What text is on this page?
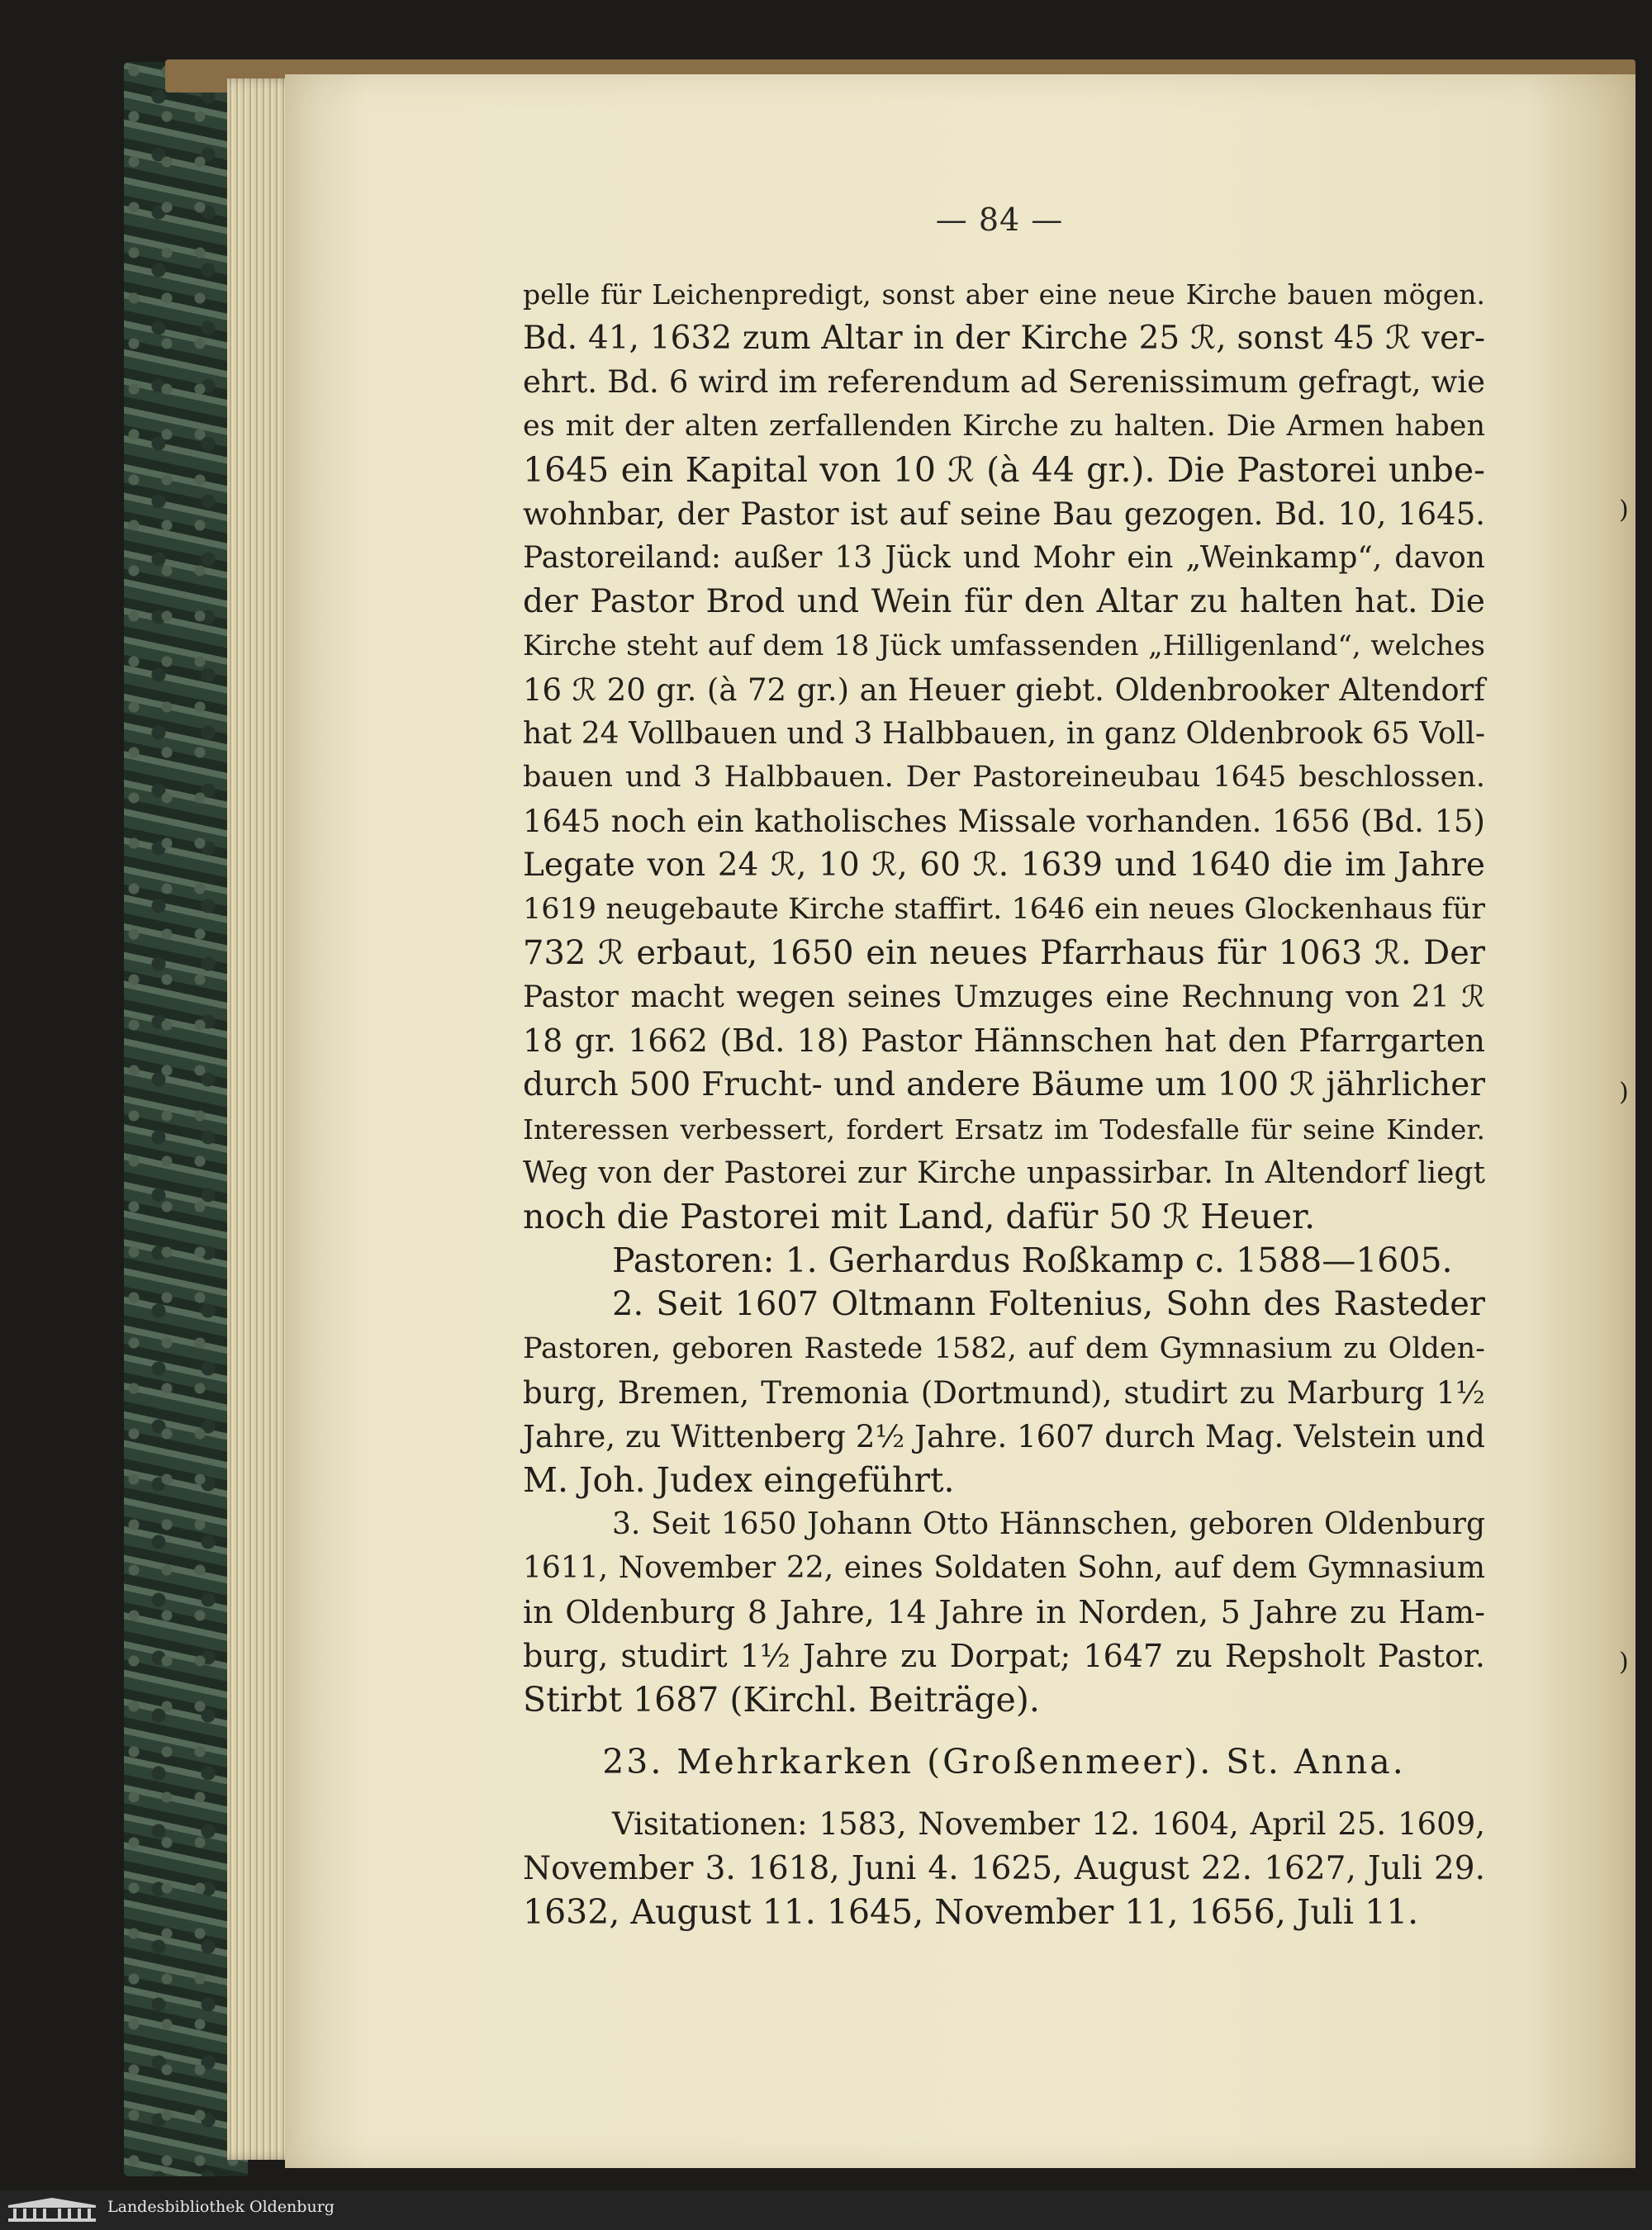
— 84 —
pelle für Leichenpredigt, sonst aber eine neue Kirche bauen mögen.
Bd. 41, 1632 zum Altar in der Kirche 25 ℛ, sonst 45 ℛ ver-
ehrt. Bd. 6 wird im referendum ad Serenissimum gefragt, wie
es mit der alten zerfallenden Kirche zu halten. Die Armen haben
1645 ein Kapital von 10 ℛ (à 44 gr.). Die Pastorei unbe-
wohnbar, der Pastor ist auf seine Bau gezogen. Bd. 10, 1645.
Pastoreiland: außer 13 Jück und Mohr ein „Weinkamp“, davon
der Pastor Brod und Wein für den Altar zu halten hat. Die
Kirche steht auf dem 18 Jück umfassenden „Hilligenland“, welches
16 ℛ 20 gr. (à 72 gr.) an Heuer giebt. Oldenbrooker Altendorf
hat 24 Vollbauen und 3 Halbbauen, in ganz Oldenbrook 65 Voll-
bauen und 3 Halbbauen. Der Pastoreineubau 1645 beschlossen.
1645 noch ein katholisches Missale vorhanden. 1656 (Bd. 15)
Legate von 24 ℛ, 10 ℛ, 60 ℛ. 1639 und 1640 die im Jahre
1619 neugebaute Kirche staffirt. 1646 ein neues Glockenhaus für
732 ℛ erbaut, 1650 ein neues Pfarrhaus für 1063 ℛ. Der
Pastor macht wegen seines Umzuges eine Rechnung von 21 ℛ
18 gr. 1662 (Bd. 18) Pastor Hännschen hat den Pfarrgarten
durch 500 Frucht- und andere Bäume um 100 ℛ jährlicher
Interessen verbessert, fordert Ersatz im Todesfalle für seine Kinder.
Weg von der Pastorei zur Kirche unpassirbar. In Altendorf liegt
noch die Pastorei mit Land, dafür 50 ℛ Heuer.
Pastoren: 1. Gerhardus Roßkamp c. 1588—1605.
2. Seit 1607 Oltmann Foltenius, Sohn des Rasteder
Pastoren, geboren Rastede 1582, auf dem Gymnasium zu Olden-
burg, Bremen, Tremonia (Dortmund), studirt zu Marburg 1½
Jahre, zu Wittenberg 2½ Jahre. 1607 durch Mag. Velstein und
M. Joh. Judex eingeführt.
3. Seit 1650 Johann Otto Hännschen, geboren Oldenburg
1611, November 22, eines Soldaten Sohn, auf dem Gymnasium
in Oldenburg 8 Jahre, 14 Jahre in Norden, 5 Jahre zu Ham-
burg, studirt 1½ Jahre zu Dorpat; 1647 zu Repsholt Pastor.
Stirbt 1687 (Kirchl. Beiträge).
23. Mehrkarken (Großenmeer). St. Anna.
Visitationen: 1583, November 12. 1604, April 25. 1609,
November 3. 1618, Juni 4. 1625, August 22. 1627, Juli 29.
1632, August 11. 1645, November 11, 1656, Juli 11.
)
)
)
Landesbibliothek Oldenburg
